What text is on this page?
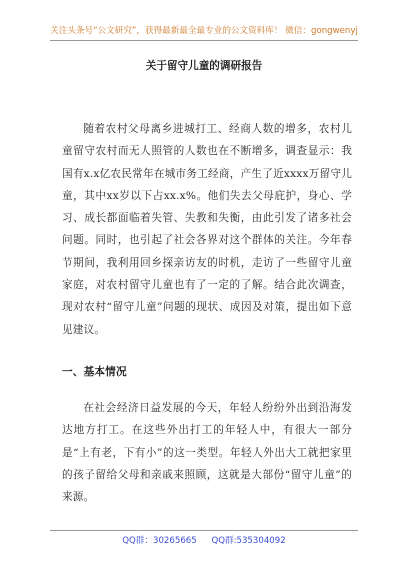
关注头条号“公文研究”，获得最新最全最专业的公文资料库！ 微信：gongwenyj
关于留守儿童的调研报告

随着农村父母离乡进城打工、经商人数的增多，农村儿童留守农村而无人照管的人数也在不断增多，调查显示：我国有x.x亿农民常年在城市务工经商，产生了近xxxx万留守儿童，其中xx岁以下占xx.x%。他们失去父母庇护，身心、学习、成长都面临着失管、失教和失衡，由此引发了诸多社会问题。同时，也引起了社会各界对这个群体的关注。今年春节期间，我利用回乡探亲访友的时机，走访了一些留守儿童家庭，对农村留守儿童也有了一定的了解。结合此次调查，现对农村“留守儿童”问题的现状、成因及对策，提出如下意见建议。

一、基本情况

在社会经济日益发展的今天，年轻人纷纷外出到沿海发达地方打工。在这些外出打工的年轻人中，有很大一部分是“上有老，下有小”的这一类型。年轻人外出大工就把家里的孩子留给父母和亲戚来照顾，这就是大部份“留守儿童”的来源。

QQ群：30265665 QQ群:535304092
